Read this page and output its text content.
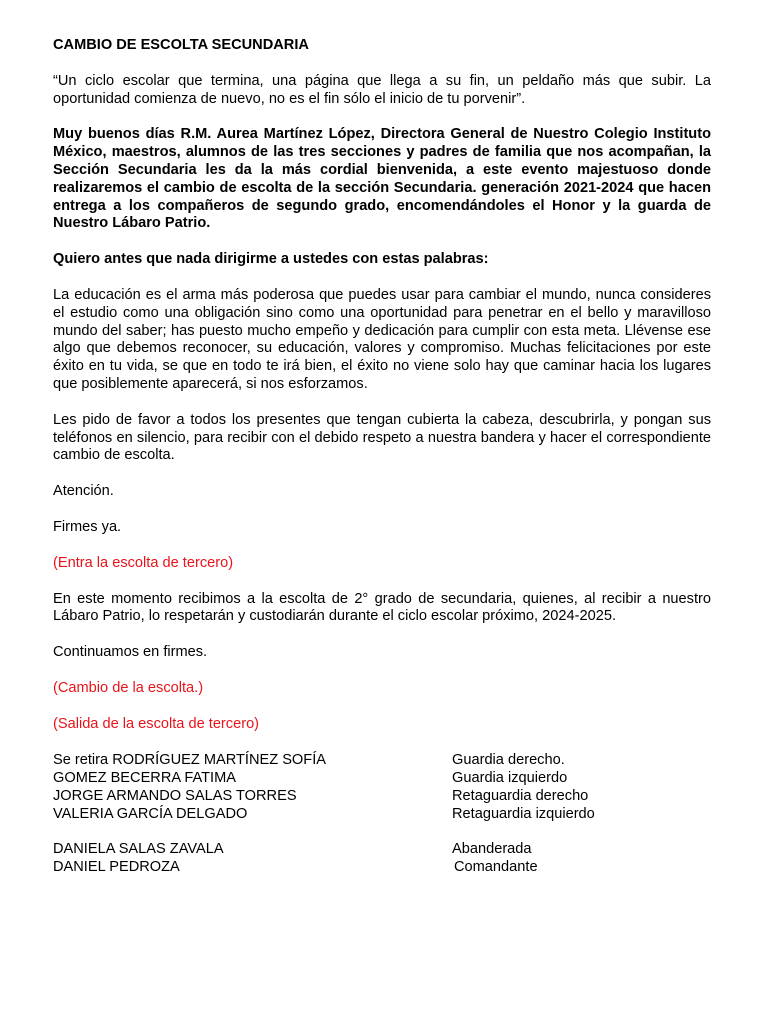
CAMBIO DE ESCOLTA SECUNDARIA

“Un ciclo escolar que termina, una página que llega a su fin, un peldaño más que subir. La oportunidad comienza de nuevo, no es el fin sólo el inicio de tu porvenir”.

Muy buenos días R.M. Aurea Martínez López, Directora General de Nuestro Colegio Instituto México, maestros, alumnos de las tres secciones y padres de familia que nos acompañan, la Sección Secundaria les da la más cordial bienvenida, a este evento majestuoso donde realizaremos el cambio de escolta de la sección Secundaria. generación 2021-2024 que hacen entrega a los compañeros de segundo grado, encomendándoles el Honor y la guarda de Nuestro Lábaro Patrio.

Quiero antes que nada dirigirme a ustedes con estas palabras:

La educación es el arma más poderosa que puedes usar para cambiar el mundo, nunca consideres el estudio como una obligación sino como una oportunidad para penetrar en el bello y maravilloso mundo del saber; has puesto mucho empeño y dedicación para cumplir con esta meta. Llévense ese algo que debemos reconocer, su educación, valores y compromiso. Muchas felicitaciones por este éxito en tu vida, se que en todo te irá bien, el éxito no viene solo hay que caminar hacia los lugares que posiblemente aparecerá, si nos esforzamos.

Les pido de favor a todos los presentes que tengan cubierta la cabeza, descubrirla, y pongan sus teléfonos en silencio, para recibir con el debido respeto a nuestra bandera y hacer el correspondiente cambio de escolta.

Atención.

Firmes ya.

(Entra la escolta de tercero)

En este momento recibimos a la escolta de 2° grado de secundaria, quienes, al recibir a nuestro Lábaro Patrio, lo respetarán y custodiarán durante el ciclo escolar próximo, 2024-2025.

Continuamos en firmes.

(Cambio de la escolta.)

(Salida de la escolta de tercero)

Se retira RODRÍGUEZ MARTÍNEZ SOFÍA	Guardia derecho.
GOMEZ BECERRA FATIMA	Guardia izquierdo
JORGE ARMANDO SALAS TORRES	Retaguardia derecho
VALERIA GARCÍA DELGADO	Retaguardia izquierdo
DANIELA SALAS ZAVALA	Abanderada
DANIEL PEDROZA	Comandante
